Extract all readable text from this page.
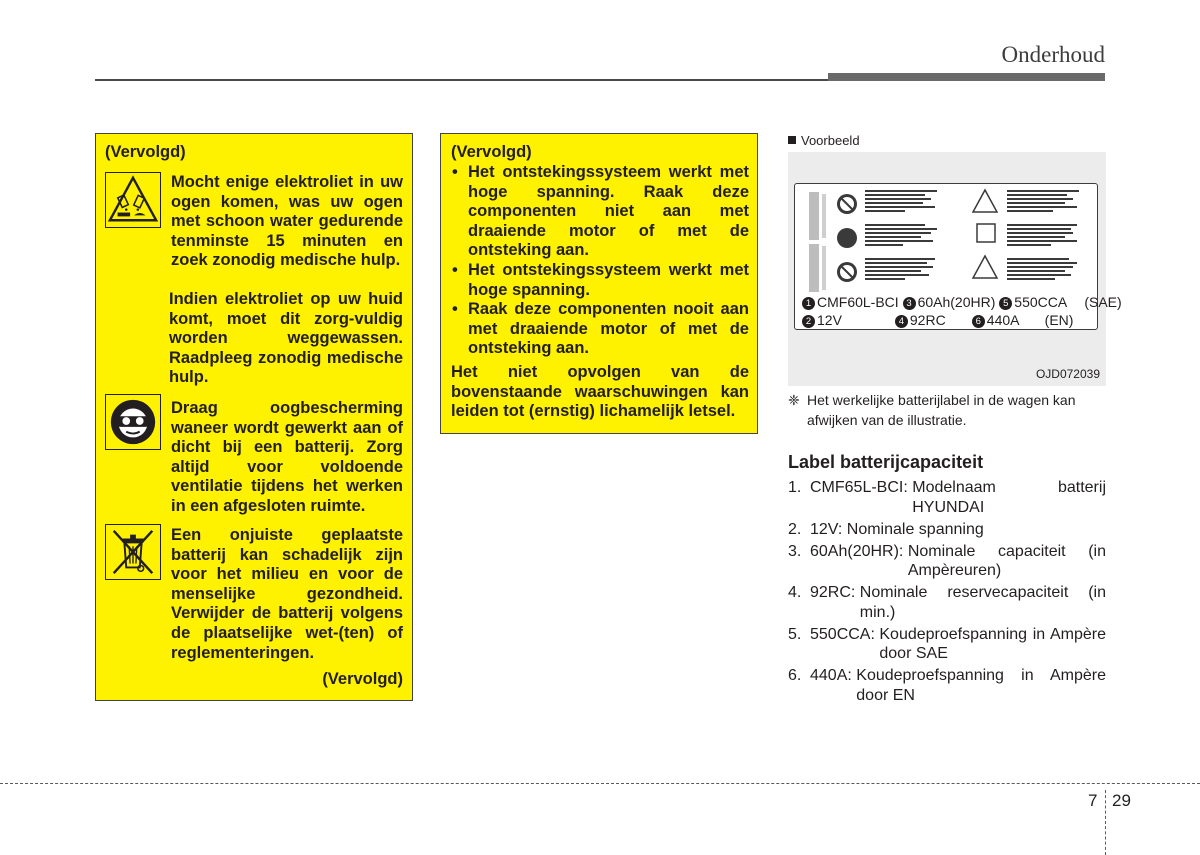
Onderhoud
(Vervolgd)
Mocht enige elektroliet in uw ogen komen, was uw ogen met schoon water gedurende tenminste 15 minuten en zoek zonodig medische hulp.
Indien elektroliet op uw huid komt, moet dit zorg-vuldig worden weggewassen. Raadpleeg zonodig medische hulp.
Draag oogbescherming waneer wordt gewerkt aan of dicht bij een batterij. Zorg altijd voor voldoende ventilatie tijdens het werken in een afgesloten ruimte.
Een onjuiste geplaatste batterij kan schadelijk zijn voor het milieu en voor de menselijke gezondheid. Verwijder de batterij volgens de plaatselijke wet-(ten) of reglementeringen.
(Vervolgd)
(Vervolgd)
• Het ontstekingssysteem werkt met hoge spanning. Raak deze componenten niet aan met draaiende motor of met de ontsteking aan.
• Het ontstekingssysteem werkt met hoge spanning.
• Raak deze componenten nooit aan met draaiende motor of met de ontsteking aan.
Het niet opvolgen van de bovenstaande waarschuwingen kan leiden tot (ernstig) lichamelijk letsel.
Voorbeeld
1 CMF60L-BCI 3 60Ah(20HR) 5 550CCA (SAE)
2 12V	4 92RC	6 440A (EN)
OJD072039
❈ Het werkelijke batterijlabel in de wagen kan afwijken van de illustratie.
Label batterijcapaciteit
1. CMF65L-BCI: Modelnaam batterij HYUNDAI
2. 12V: Nominale spanning
3. 60Ah(20HR): Nominale capaciteit (in Ampèreuren)
4. 92RC: Nominale reservecapaciteit (in min.)
5. 550CCA: Koudeproefspanning in Ampère door SAE
6. 440A: Koudeproefspanning in Ampère door EN
7 29
